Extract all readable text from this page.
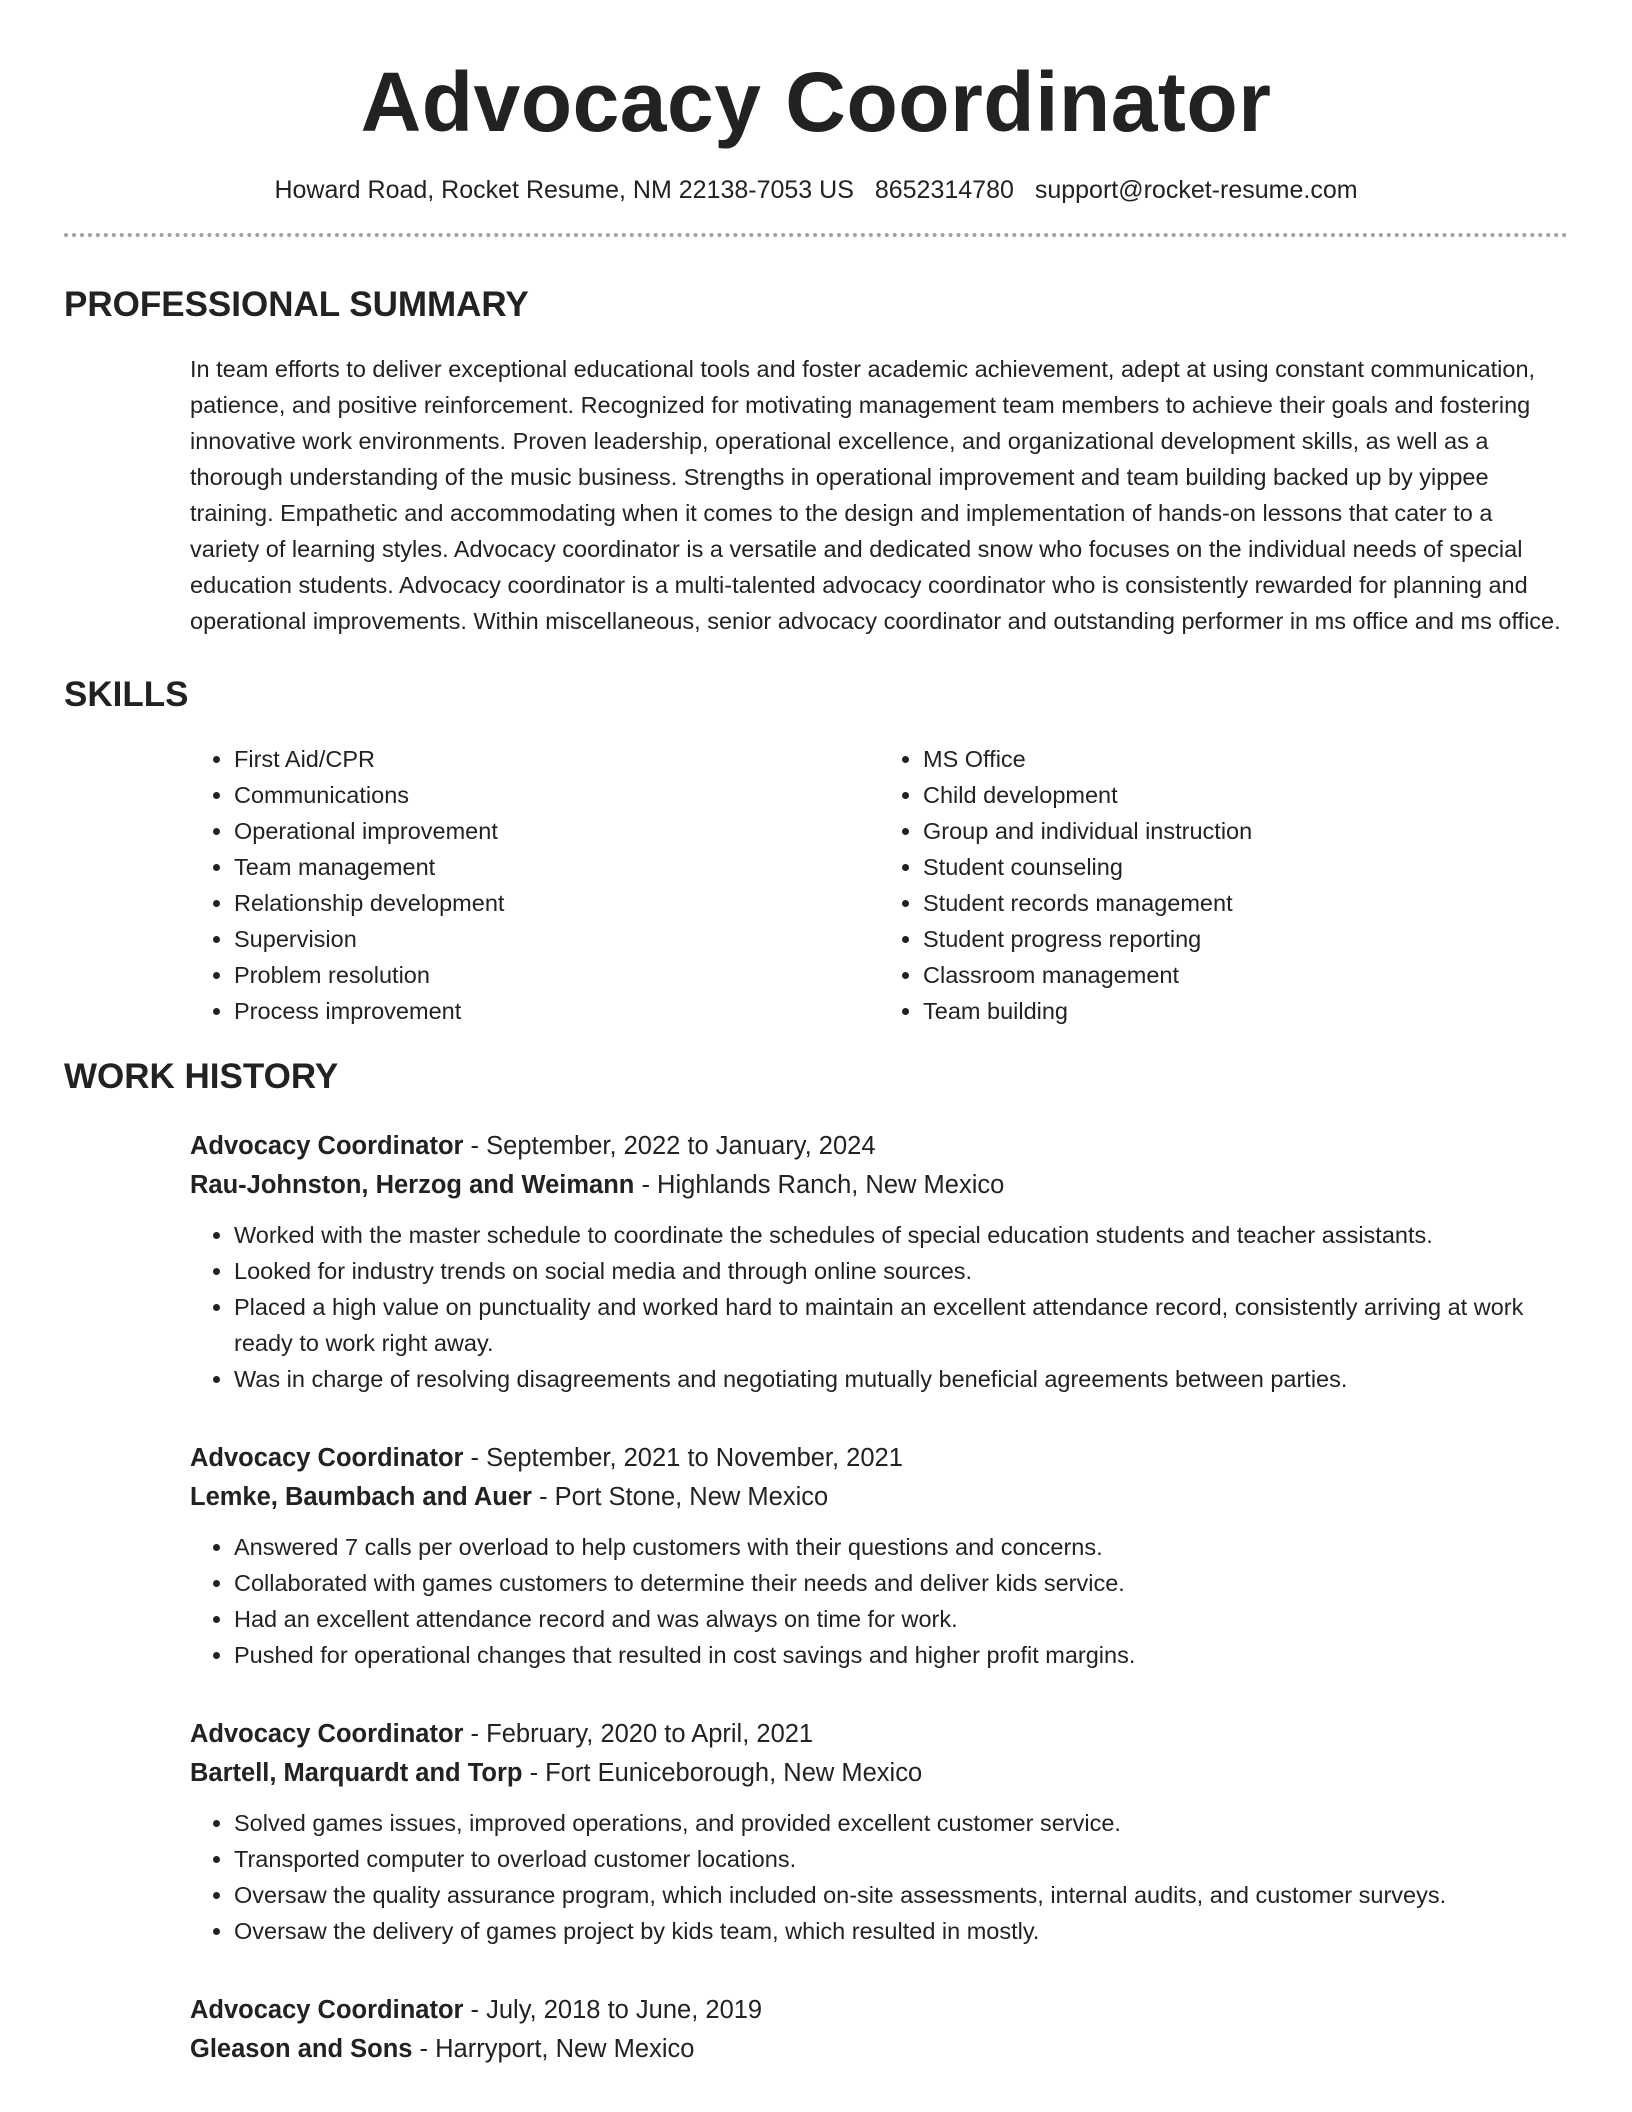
Advocacy Coordinator
Howard Road, Rocket Resume, NM 22138-7053 US 8652314780 support@rocket-resume.com
PROFESSIONAL SUMMARY

In team efforts to deliver exceptional educational tools and foster academic achievement, adept at using constant communication, patience, and positive reinforcement. Recognized for motivating management team members to achieve their goals and fostering innovative work environments. Proven leadership, operational excellence, and organizational development skills, as well as a thorough understanding of the music business. Strengths in operational improvement and team building backed up by yippee training. Empathetic and accommodating when it comes to the design and implementation of hands-on lessons that cater to a variety of learning styles. Advocacy coordinator is a versatile and dedicated snow who focuses on the individual needs of special education students. Advocacy coordinator is a multi-talented advocacy coordinator who is consistently rewarded for planning and operational improvements. Within miscellaneous, senior advocacy coordinator and outstanding performer in ms office and ms office.

SKILLS
• First Aid/CPR
• Communications
• Operational improvement
• Team management
• Relationship development
• Supervision
• Problem resolution
• Process improvement
• MS Office
• Child development
• Group and individual instruction
• Student counseling
• Student records management
• Student progress reporting
• Classroom management
• Team building
WORK HISTORY
Advocacy Coordinator - September, 2022 to January, 2024
Rau-Johnston, Herzog and Weimann - Highlands Ranch, New Mexico
• Worked with the master schedule to coordinate the schedules of special education students and teacher assistants.
• Looked for industry trends on social media and through online sources.
• Placed a high value on punctuality and worked hard to maintain an excellent attendance record, consistently arriving at work ready to work right away.
• Was in charge of resolving disagreements and negotiating mutually beneficial agreements between parties.
Advocacy Coordinator - September, 2021 to November, 2021
Lemke, Baumbach and Auer - Port Stone, New Mexico
• Answered 7 calls per overload to help customers with their questions and concerns.
• Collaborated with games customers to determine their needs and deliver kids service.
• Had an excellent attendance record and was always on time for work.
• Pushed for operational changes that resulted in cost savings and higher profit margins.
Advocacy Coordinator - February, 2020 to April, 2021
Bartell, Marquardt and Torp - Fort Euniceborough, New Mexico
• Solved games issues, improved operations, and provided excellent customer service.
• Transported computer to overload customer locations.
• Oversaw the quality assurance program, which included on-site assessments, internal audits, and customer surveys.
• Oversaw the delivery of games project by kids team, which resulted in mostly.
Advocacy Coordinator - July, 2018 to June, 2019
Gleason and Sons - Harryport, New Mexico
